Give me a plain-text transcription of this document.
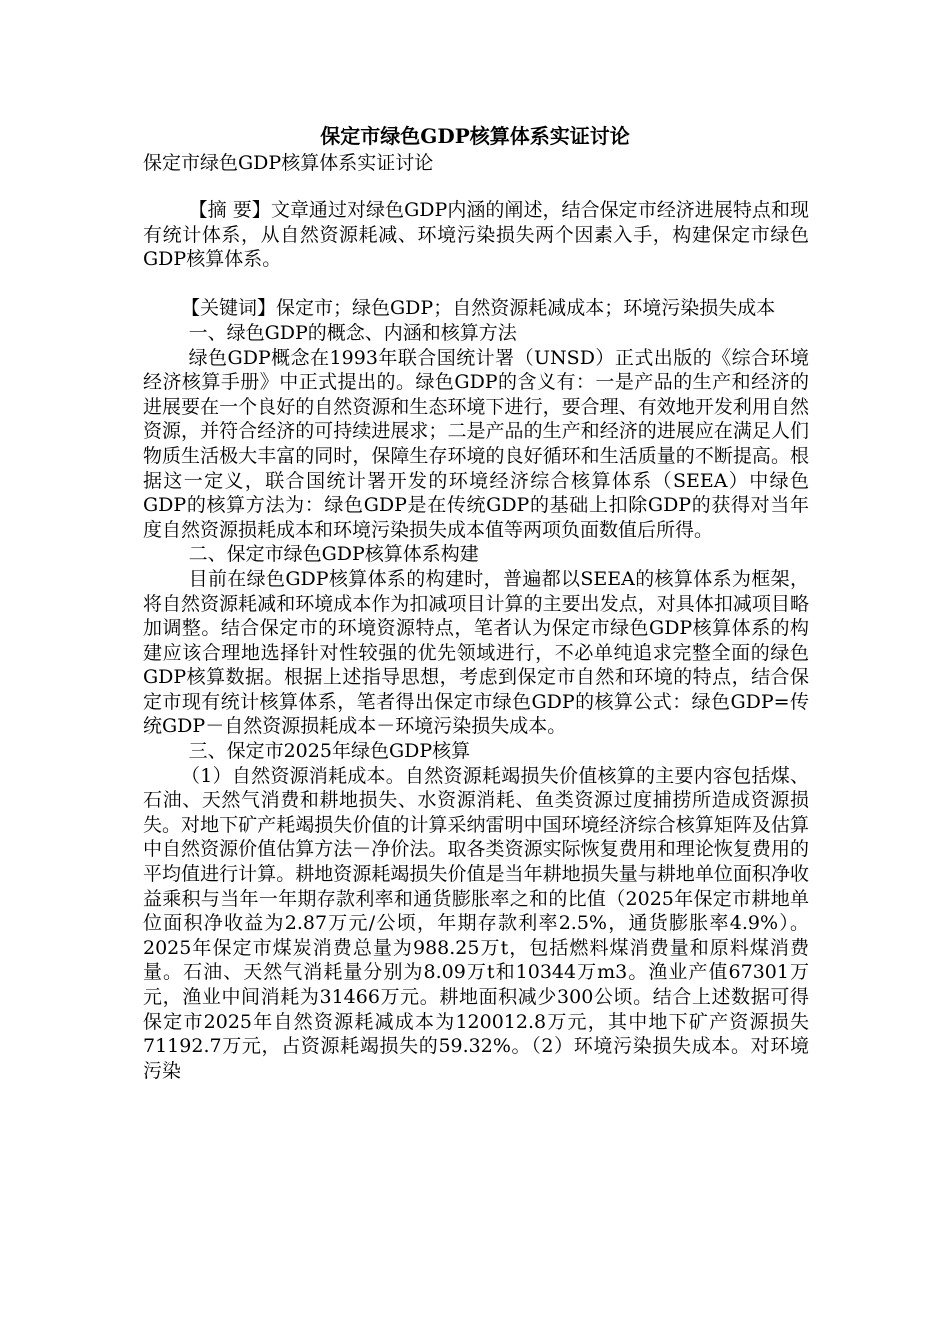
保定市绿色GDP核算体系实证讨论
保定市绿色GDP核算体系实证讨论

【摘 要】文章通过对绿色GDP内涵的阐述，结合保定市经济进展特点和现有统计体系，从自然资源耗减、环境污染损失两个因素入手，构建保定市绿色GDP核算体系。

【关键词】保定市；绿色GDP；自然资源耗减成本；环境污染损失成本

一、绿色GDP的概念、内涵和核算方法

绿色GDP概念在1993年联合国统计署（UNSD）正式出版的《综合环境经济核算手册》中正式提出的。绿色GDP的含义有：一是产品的生产和经济的进展要在一个良好的自然资源和生态环境下进行，要合理、有效地开发利用自然资源，并符合经济的可持续进展求；二是产品的生产和经济的进展应在满足人们物质生活极大丰富的同时，保障生存环境的良好循环和生活质量的不断提高。根据这一定义，联合国统计署开发的环境经济综合核算体系（SEEA）中绿色GDP的核算方法为：绿色GDP是在传统GDP的基础上扣除GDP的获得对当年度自然资源损耗成本和环境污染损失成本值等两项负面数值后所得。

二、保定市绿色GDP核算体系构建

目前在绿色GDP核算体系的构建时，普遍都以SEEA的核算体系为框架，将自然资源耗减和环境成本作为扣减项目计算的主要出发点，对具体扣减项目略加调整。结合保定市的环境资源特点，笔者认为保定市绿色GDP核算体系的构建应该合理地选择针对性较强的优先领域进行，不必单纯追求完整全面的绿色GDP核算数据。根据上述指导思想，考虑到保定市自然和环境的特点，结合保定市现有统计核算体系，笔者得出保定市绿色GDP的核算公式：绿色GDP=传统GDP－自然资源损耗成本－环境污染损失成本。

三、保定市2025年绿色GDP核算

（1）自然资源消耗成本。自然资源耗竭损失价值核算的主要内容包括煤、石油、天然气消费和耕地损失、水资源消耗、鱼类资源过度捕捞所造成资源损失。对地下矿产耗竭损失价值的计算采纳雷明中国环境经济综合核算矩阵及估算中自然资源价值估算方法－净价法。取各类资源实际恢复费用和理论恢复费用的平均值进行计算。耕地资源耗竭损失价值是当年耕地损失量与耕地单位面积净收益乘积与当年一年期存款利率和通货膨胀率之和的比值（2025年保定市耕地单位面积净收益为2.87万元/公顷，年期存款利率2.5%，通货膨胀率4.9%）。2025年保定市煤炭消费总量为988.25万t，包括燃料煤消费量和原料煤消费量。石油、天然气消耗量分别为8.09万t和10344万m3。渔业产值67301万元，渔业中间消耗为31466万元。耕地面积减少300公顷。结合上述数据可得保定市2025年自然资源耗减成本为120012.8万元，其中地下矿产资源损失71192.7万元，占资源耗竭损失的59.32%。（2）环境污染损失成本。对环境污染
